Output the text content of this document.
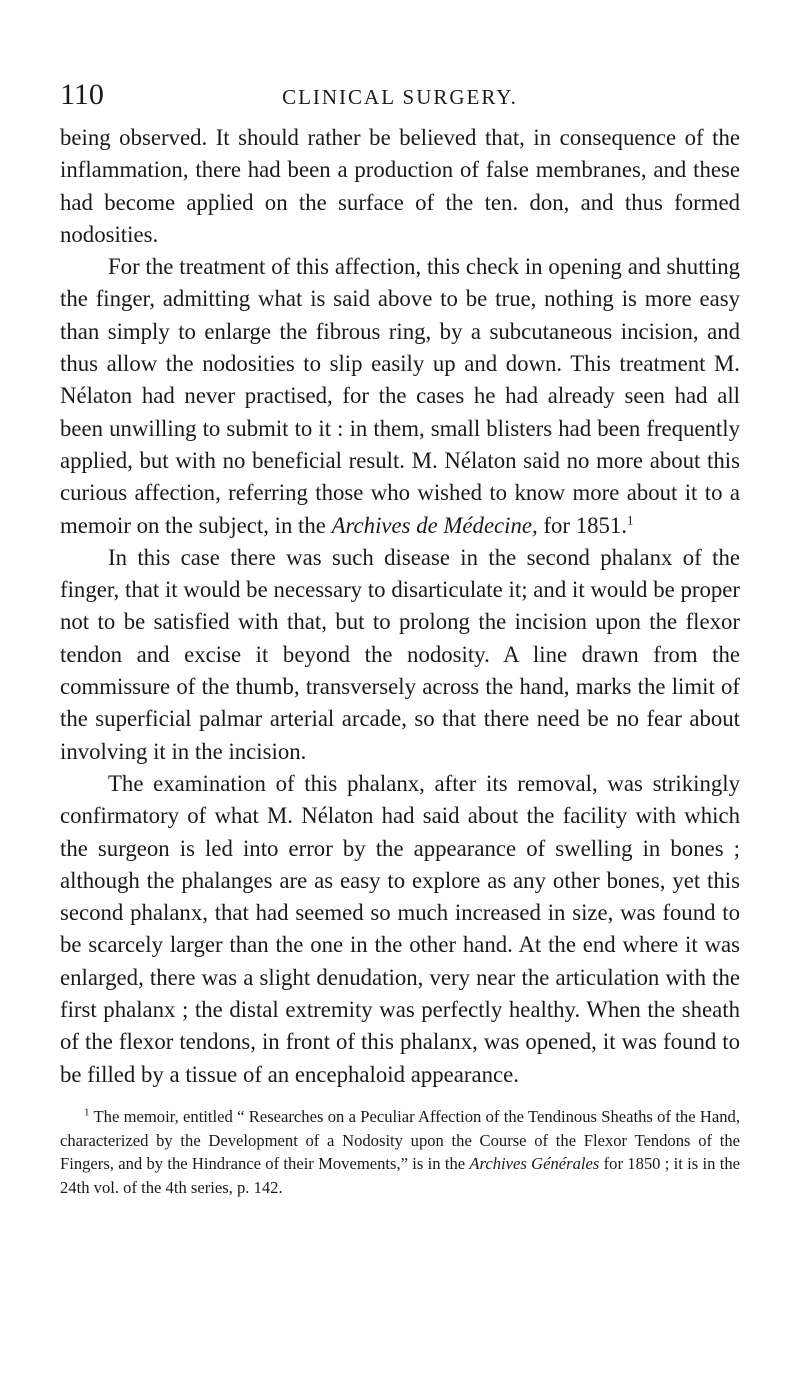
110	CLINICAL SURGERY.

being observed. It should rather be believed that, in consequence of the inflammation, there had been a production of false membranes, and these had become applied on the surface of the ten. don, and thus formed nodosities.

For the treatment of this affection, this check in opening and shutting the finger, admitting what is said above to be true, nothing is more easy than simply to enlarge the fibrous ring, by a subcutaneous incision, and thus allow the nodosities to slip easily up and down. This treatment M. Nélaton had never practised, for the cases he had already seen had all been unwilling to submit to it : in them, small blisters had been frequently applied, but with no beneficial result. M. Nélaton said no more about this curious affection, referring those who wished to know more about it to a memoir on the subject, in the Archives de Médecine, for 1851.$^1$

In this case there was such disease in the second phalanx of the finger, that it would be necessary to disarticulate it; and it would be proper not to be satisfied with that, but to prolong the incision upon the flexor tendon and excise it beyond the nodosity. A line drawn from the commissure of the thumb, transversely across the hand, marks the limit of the superficial palmar arterial arcade, so that there need be no fear about involving it in the incision.

The examination of this phalanx, after its removal, was strikingly confirmatory of what M. Nélaton had said about the facility with which the surgeon is led into error by the appearance of swelling in bones ; although the phalanges are as easy to explore as any other bones, yet this second phalanx, that had seemed so much increased in size, was found to be scarcely larger than the one in the other hand. At the end where it was enlarged, there was a slight denudation, very near the articulation with the first phalanx ; the distal extremity was perfectly healthy. When the sheath of the flexor tendons, in front of this phalanx, was opened, it was found to be filled by a tissue of an encephaloid appearance.

$^1$ The memoir, entitled “ Researches on a Peculiar Affection of the Tendinous Sheaths of the Hand, characterized by the Development of a Nodosity upon the Course of the Flexor Tendons of the Fingers, and by the Hindrance of their Movements,” is in the Archives Générales for 1850 ; it is in the 24th vol. of the 4th series, p. 142.
